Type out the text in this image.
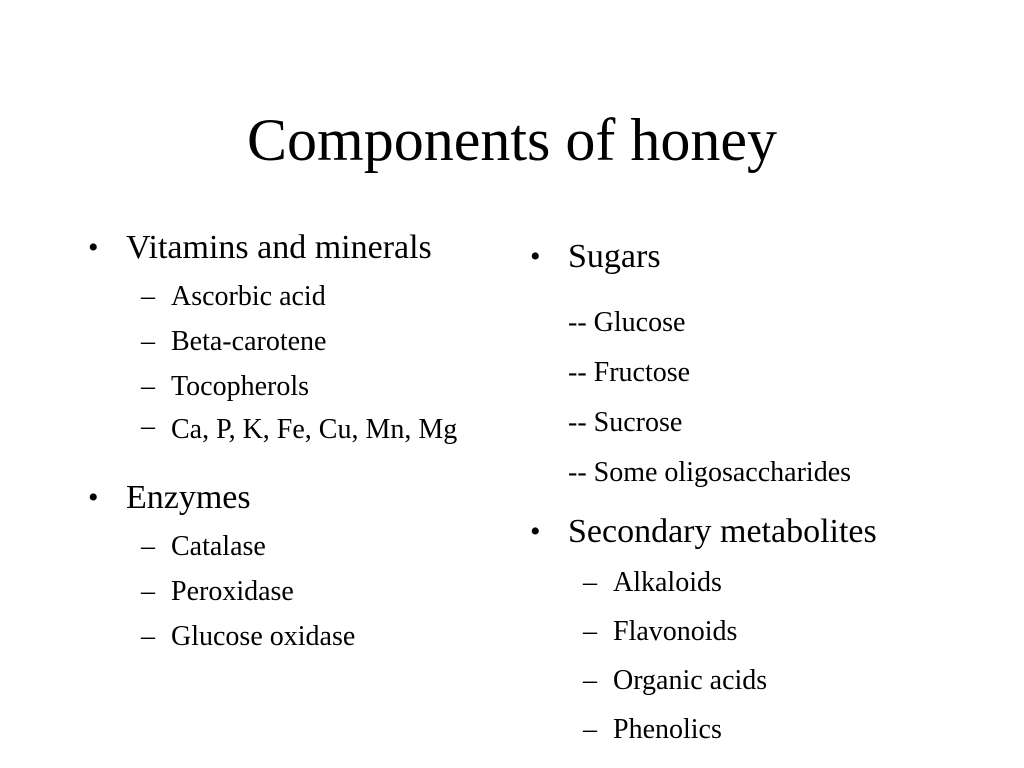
Components of honey
• Vitamins and minerals
– Ascorbic acid
– Beta-carotene
– Tocopherols
– Ca, P, K, Fe, Cu, Mn, Mg
• Enzymes
– Catalase
– Peroxidase
– Glucose oxidase
• Sugars
-- Glucose
-- Fructose
-- Sucrose
-- Some oligosaccharides
• Secondary metabolites
– Alkaloids
– Flavonoids
– Organic acids
– Phenolics
